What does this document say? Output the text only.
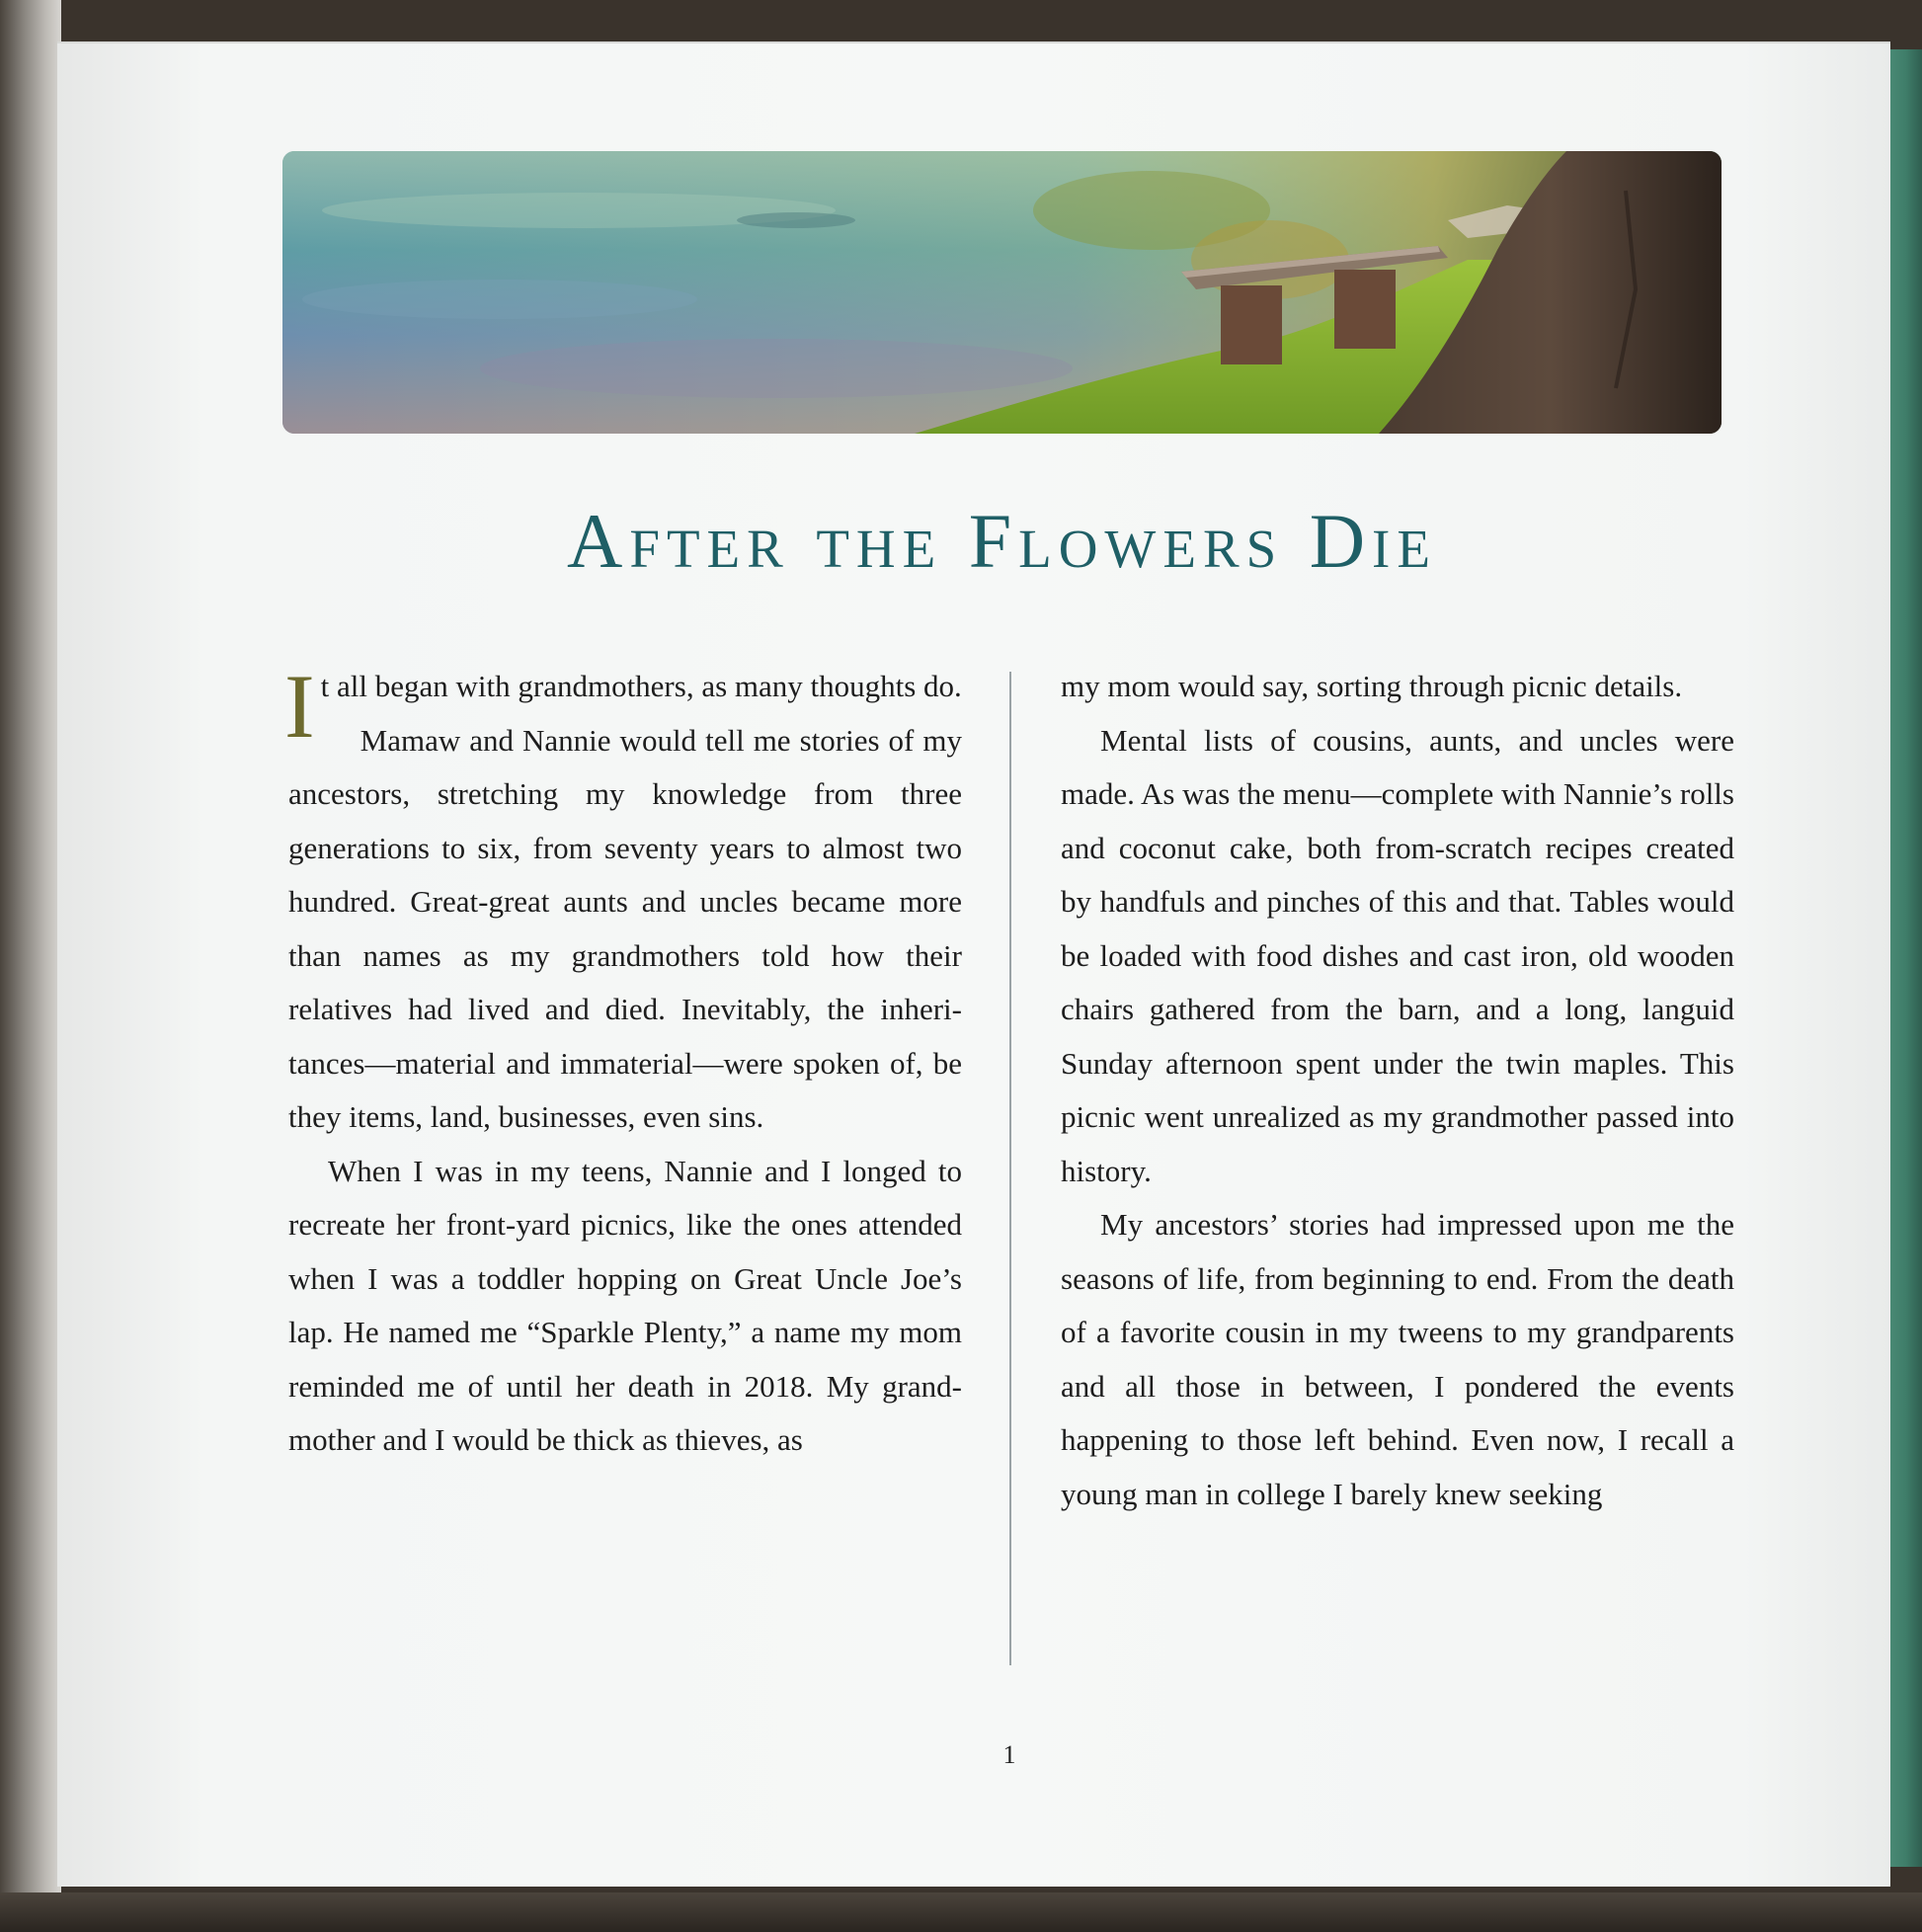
After the Flowers Die

It all began with grandmothers, as many thoughts do.

Mamaw and Nannie would tell me stories of my ancestors, stretching my knowledge from three generations to six, from seventy years to almost two hundred. Great-great aunts and uncles became more than names as my grandmothers told how their relatives had lived and died. Inevitably, the inheritances—material and immaterial—were spoken of, be they items, land, businesses, even sins.

When I was in my teens, Nannie and I longed to recreate her front-yard picnics, like the ones attended when I was a toddler hopping on Great Uncle Joe’s lap. He named me “Sparkle Plenty,” a name my mom reminded me of until her death in 2018. My grandmother and I would be thick as thieves, as

my mom would say, sorting through picnic details.

Mental lists of cousins, aunts, and uncles were made. As was the menu—complete with Nannie’s rolls and coconut cake, both from-scratch recipes created by handfuls and pinches of this and that. Tables would be loaded with food dishes and cast iron, old wooden chairs gathered from the barn, and a long, languid Sunday afternoon spent under the twin maples. This picnic went unrealized as my grandmother passed into history.

My ancestors’ stories had impressed upon me the seasons of life, from beginning to end. From the death of a favorite cousin in my tweens to my grandparents and all those in between, I pondered the events happening to those left behind. Even now, I recall a young man in college I barely knew seeking

1
